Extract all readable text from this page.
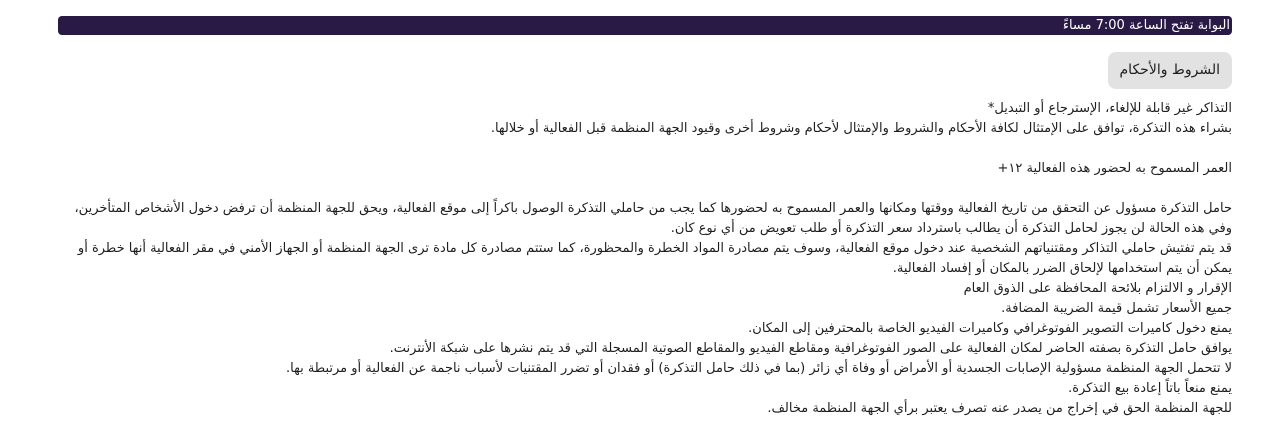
البوابة تفتح الساعة 7:00 مساءً
الشروط والأحكام
التذاكر غير قابلة للإلغاء، الإسترجاع أو التبديل*
بشراء هذه التذكرة، توافق على الإمتثال لكافة الأحكام والشروط والإمتثال لأحكام وشروط أخرى وقيود الجهة المنظمة قبل الفعالية أو خلالها.
العمر المسموح به لحضور هذه الفعالية ١٢+
حامل التذكرة مسؤول عن التحقق من تاريخ الفعالية ووقتها ومكانها والعمر المسموح به لحضورها كما يجب من حاملي التذكرة الوصول باكراً إلى موقع الفعالية، ويحق للجهة المنظمة أن ترفض دخول الأشخاص المتأخرين، وفي هذه الحالة لن يجوز لحامل التذكرة أن يطالب باسترداد سعر التذكرة أو طلب تعويض من أي نوع كان.
قد يتم تفتيش حاملي التذاكر ومقتنياتهم الشخصية عند دخول موقع الفعالية، وسوف يتم مصادرة المواد الخطرة والمحظورة، كما ستتم مصادرة كل مادة ترى الجهة المنظمة أو الجهاز الأمني في مقر الفعالية أنها خطرة أو يمكن أن يتم استخدامها لإلحاق الضرر بالمكان أو إفساد الفعالية.
الإقرار و الالتزام بلائحة المحافظة على الذوق العام
جميع الأسعار تشمل قيمة الضريبة المضافة.
يمنع دخول كاميرات التصوير الفوتوغرافي وكاميرات الفيديو الخاصة بالمحترفين إلى المكان.
يوافق حامل التذكرة بصفته الحاضر لمكان الفعالية على الصور الفوتوغرافية ومقاطع الفيديو والمقاطع الصوتية المسجلة التي قد يتم نشرها على شبكة الأنترنت.
لا تتحمل الجهة المنظمة مسؤولية الإصابات الجسدية أو الأمراض أو وفاة أي زائر (بما في ذلك حامل التذكرة) أو فقدان أو تضرر المقتنيات لأسباب ناجمة عن الفعالية أو مرتبطة بها.
يمنع منعاً باتاً إعادة بيع التذكرة.
للجهة المنظمة الحق في إخراج من يصدر عنه تصرف يعتبر برأي الجهة المنظمة مخالف.
